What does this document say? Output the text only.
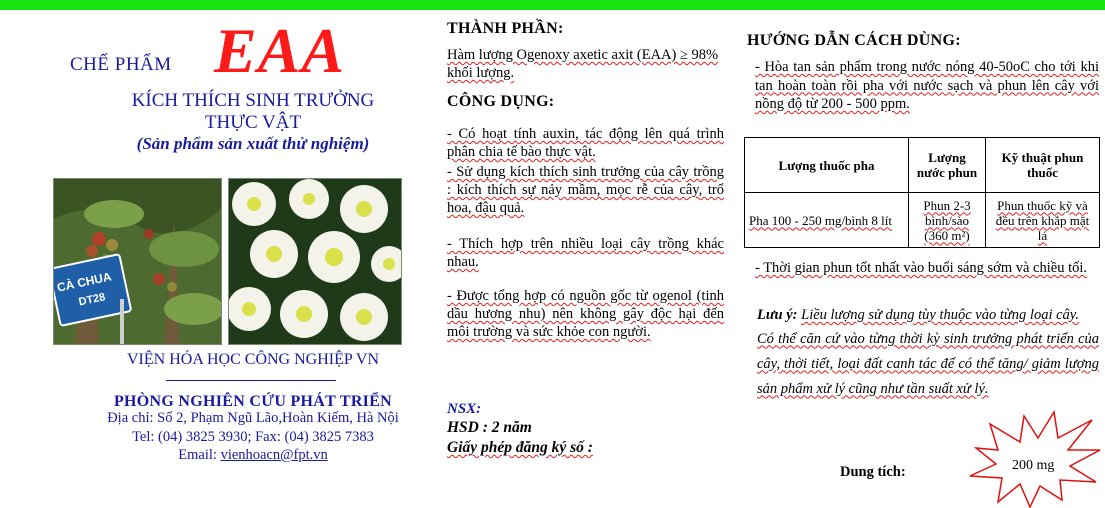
CHẾ PHẨM EAA
KÍCH THÍCH SINH TRƯỞNG
THỰC VẬT
(Sản phẩm sản xuất thử nghiệm)
CÀ CHUA
DT28
VIỆN HÓA HỌC CÔNG NGHIỆP VN
PHÒNG NGHIÊN CỨU PHÁT TRIỂN
Địa chỉ: Số 2, Phạm Ngũ Lão,Hoàn Kiếm, Hà Nội
Tel: (04) 3825 3930; Fax: (04) 3825 7383
Email: vienhoacn@fpt.vn
THÀNH PHẦN:

Hàm lượng Ogenoxy axetic axit (EAA) ≥ 98% khối lượng.

CÔNG DỤNG:

- Có hoạt tính auxin, tác động lên quá trình phân chia tế bào thực vật.

- Sử dụng kích thích sinh trưởng của cây trồng : kích thích sự nảy mầm, mọc rễ của cây, trổ hoa, đậu quả.

- Thích hợp trên nhiều loại cây trồng khác nhau.

- Được tổng hợp có nguồn gốc từ ogenol (tinh dầu hương nhu) nên không gây độc hại đến môi trường và sức khỏe con người.

NSX:
HSD : 2 năm
Giấy phép đăng ký số :
HƯỚNG DẪN CÁCH DÙNG:

- Hòa tan sản phẩm trong nước nóng 40-50oC cho tới khi tan hoàn toàn rồi pha với nước sạch và phun lên cây với nồng độ từ 200 - 500 ppm.

Lượng thuốc pha	Lượng nước phun	Kỹ thuật phun thuốc
Pha 100 - 250 mg/bình 8 lít	Phun 2-3 bình/sào (360 m²)	Phun thuốc kỹ và đều trên khắp mặt lá

- Thời gian phun tốt nhất vào buổi sáng sớm và chiều tối.

Lưu ý: Liều lượng sử dụng tùy thuộc vào từng loại cây.

Có thể căn cứ vào từng thời kỳ sinh trưởng phát triển của cây, thời tiết, loại đất canh tác để có thể tăng/ giảm lượng sản phẩm xử lý cũng như tần suất xử lý.

Dung tích:	200 mg
